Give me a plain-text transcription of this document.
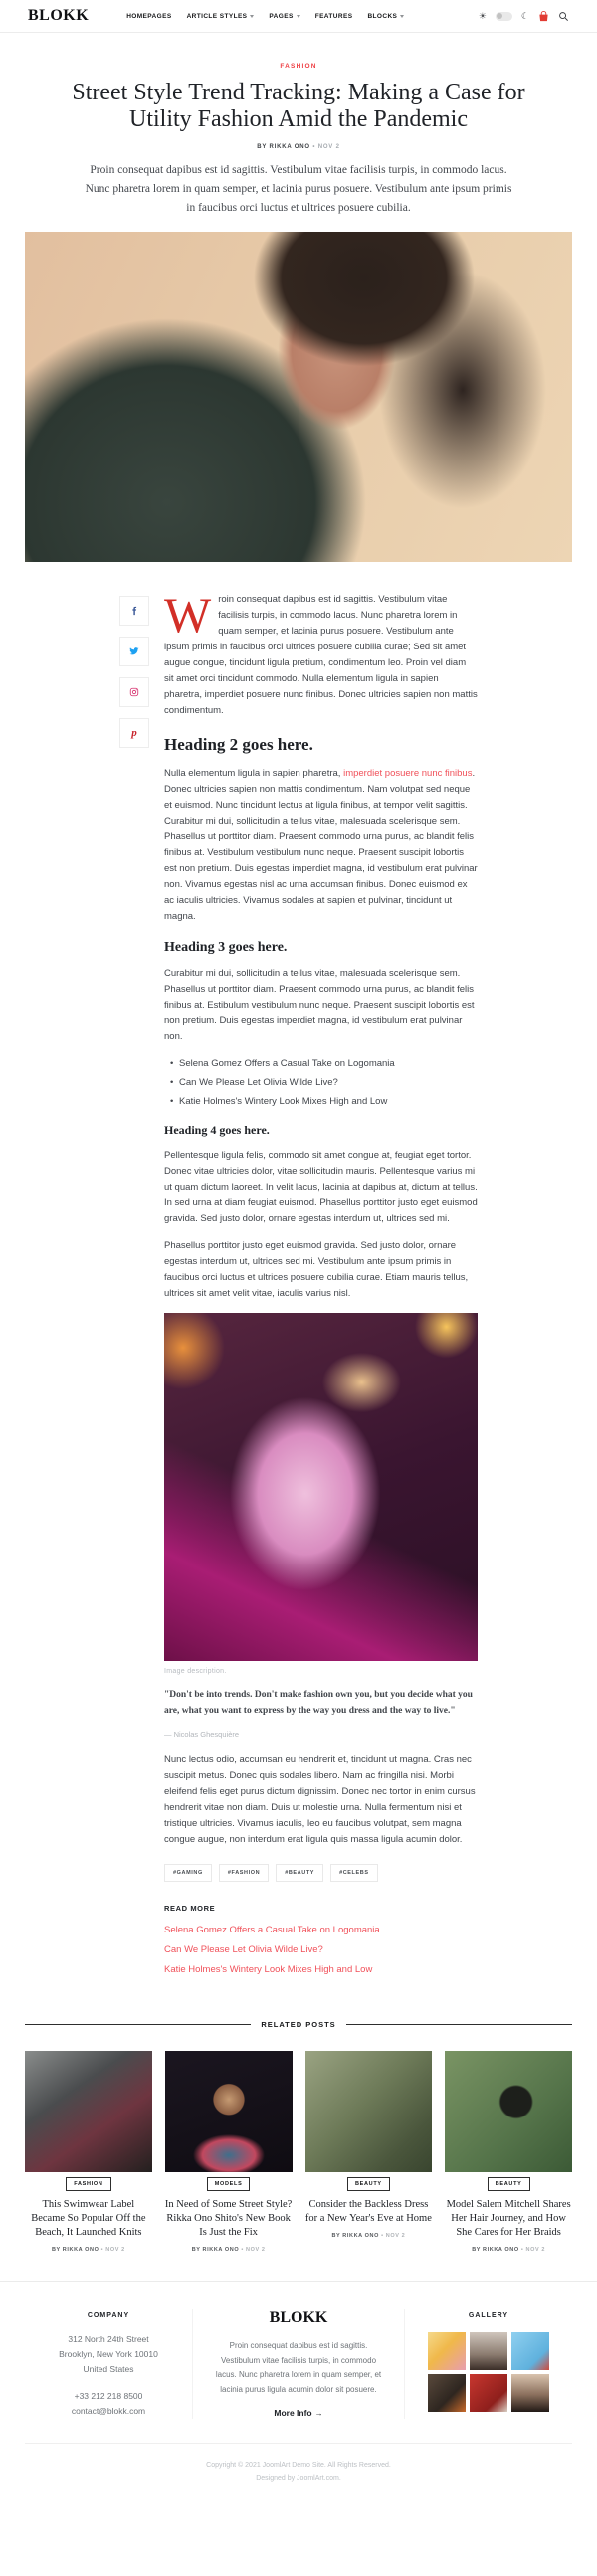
BLOKK	HOMEPAGES ARTICLE STYLES	PAGES	FEATURES BLOCKS	☀	☾
FASHION
Street Style Trend Tracking: Making a Case for Utility Fashion Amid the Pandemic
BY RIKKA ONO • NOV 2

Proin consequat dapibus est id sagittis. Vestibulum vitae facilisis turpis, in commodo lacus. Nunc pharetra lorem in quam semper, et lacinia purus posuere. Vestibulum ante ipsum primis in faucibus orci luctus et ultrices posuere cubilia.

p

Wroin consequat dapibus est id sagittis. Vestibulum vitae facilisis turpis, in commodo lacus. Nunc pharetra lorem in quam semper, et lacinia purus posuere. Vestibulum ante ipsum primis in faucibus orci ultrices posuere cubilia curae; Sed sit amet augue congue, tincidunt ligula pretium, condimentum leo. Proin vel diam sit amet orci tincidunt commodo. Nulla elementum ligula in sapien pharetra, imperdiet posuere nunc finibus. Donec ultricies sapien non mattis condimentum.

Heading 2 goes here.

Nulla elementum ligula in sapien pharetra, imperdiet posuere nunc finibus. Donec ultricies sapien non mattis condimentum. Nam volutpat sed neque et euismod. Nunc tincidunt lectus at ligula finibus, at tempor velit sagittis. Curabitur mi dui, sollicitudin a tellus vitae, malesuada scelerisque sem. Phasellus ut porttitor diam. Praesent commodo urna purus, ac blandit felis finibus at. Vestibulum vestibulum nunc neque. Praesent suscipit lobortis est non pretium. Duis egestas imperdiet magna, id vestibulum erat pulvinar non. Vivamus egestas nisl ac urna accumsan finibus. Donec euismod ex ac iaculis ultricies. Vivamus sodales at sapien et pulvinar, tincidunt ut magna.

Heading 3 goes here.

Curabitur mi dui, sollicitudin a tellus vitae, malesuada scelerisque sem. Phasellus ut porttitor diam. Praesent commodo urna purus, ac blandit felis finibus at. Estibulum vestibulum nunc neque. Praesent suscipit lobortis est non pretium. Duis egestas imperdiet magna, id vestibulum erat pulvinar non.

• Selena Gomez Offers a Casual Take on Logomania
• Can We Please Let Olivia Wilde Live?
• Katie Holmes's Wintery Look Mixes High and Low
Heading 4 goes here.

Pellentesque ligula felis, commodo sit amet congue at, feugiat eget tortor. Donec vitae ultricies dolor, vitae sollicitudin mauris. Pellentesque varius mi ut quam dictum laoreet. In velit lacus, lacinia at dapibus at, dictum at tellus. In sed urna at diam feugiat euismod. Phasellus porttitor justo eget euismod gravida. Sed justo dolor, ornare egestas interdum ut, ultrices sed mi.

Phasellus porttitor justo eget euismod gravida. Sed justo dolor, ornare egestas interdum ut, ultrices sed mi. Vestibulum ante ipsum primis in faucibus orci luctus et ultrices posuere cubilia curae. Etiam mauris tellus, ultrices sit amet velit vitae, iaculis varius nisl.

Image description.

"Don't be into trends. Don't make fashion own you, but you decide what you are, what you want to express by the way you dress and the way to live."

— Nicolas Ghesquière

Nunc lectus odio, accumsan eu hendrerit et, tincidunt ut magna. Cras nec suscipit metus. Donec quis sodales libero. Nam ac fringilla nisi. Morbi eleifend felis eget purus dictum dignissim. Donec nec tortor in enim cursus hendrerit vitae non diam. Duis ut molestie urna. Nulla fermentum nisi et tristique ultricies. Vivamus iaculis, leo eu faucibus volutpat, sem magna congue augue, non interdum erat ligula quis massa ligula acumin dolor.

#GAMING	#FASHION	#BEAUTY	#CELEBS
READ MORE
Selena Gomez Offers a Casual Take on Logomania
Can We Please Let Olivia Wilde Live?
Katie Holmes's Wintery Look Mixes High and Low
RELATED POSTS
FASHION
This Swimwear Label Became So Popular Off the Beach, It Launched Knits
BY RIKKA ONO • NOV 2
MODELS
In Need of Some Street Style? Rikka Ono Shito's New Book Is Just the Fix
BY RIKKA ONO • NOV 2
BEAUTY
Consider the Backless Dress for a New Year's Eve at Home
BY RIKKA ONO • NOV 2
BEAUTY
Model Salem Mitchell Shares Her Hair Journey, and How She Cares for Her Braids
BY RIKKA ONO • NOV 2
COMPANY
312 North 24th Street
Brooklyn, New York 10010
United States
+33 212 218 8500
contact@blokk.com
BLOKK

Proin consequat dapibus est id sagittis. Vestibulum vitae facilisis turpis, in commodo lacus. Nunc pharetra lorem in quam semper, et lacinia purus ligula acumin dolor sit posuere.

More Info →
GALLERY
Copyright © 2021 JoomlArt Demo Site. All Rights Reserved.
Designed by JoomlArt.com.
